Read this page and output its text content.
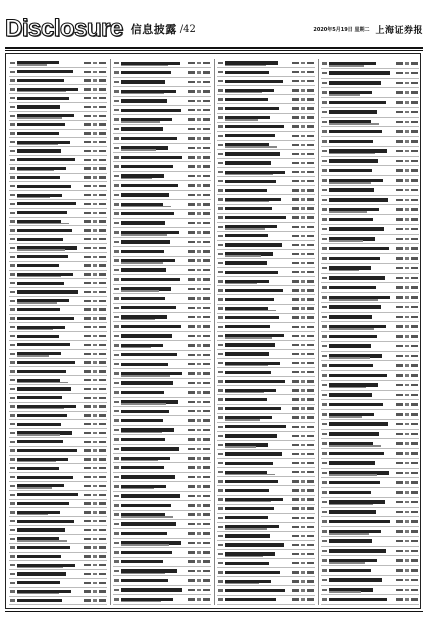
Disclosure 信息披露 /42	2020年5月19日 星期二 上海证券报
